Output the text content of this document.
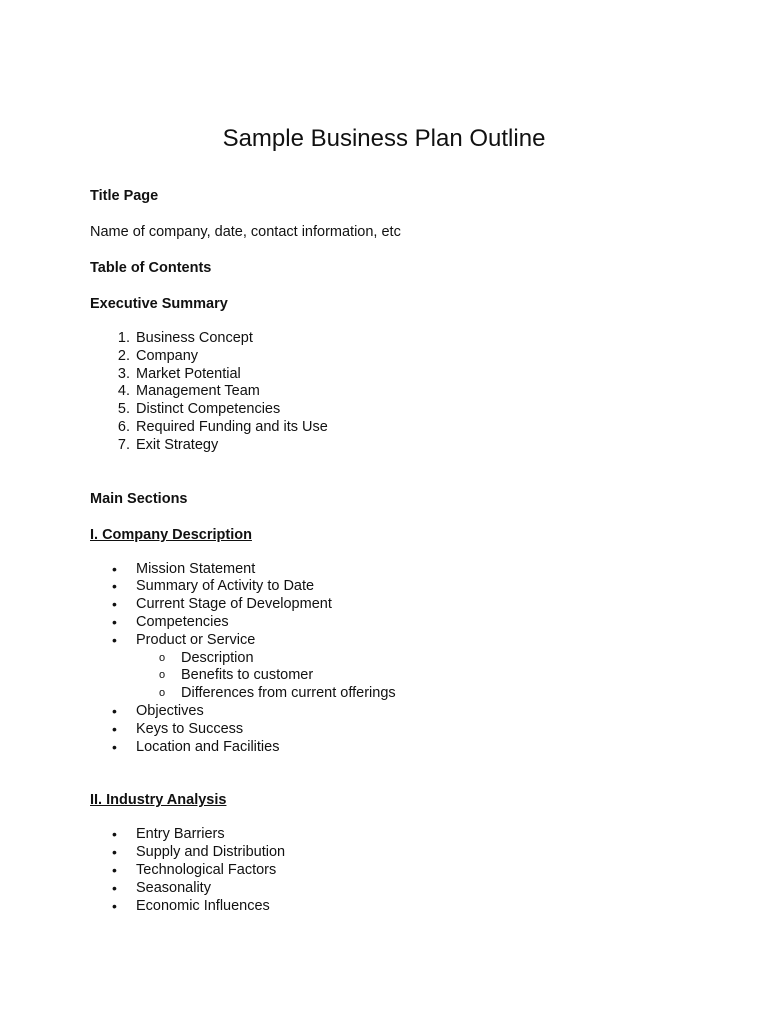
Sample Business Plan Outline

Title Page

Name of company, date, contact information, etc

Table of Contents

Executive Summary

1. Business Concept
2. Company
3. Market Potential
4. Management Team
5. Distinct Competencies
6. Required Funding and its Use
7. Exit Strategy

Main Sections

I. Company Description

•	Mission Statement
•	Summary of Activity to Date
•	Current Stage of Development
•	Competencies
•	Product or Service
o Description
o Benefits to customer
o Differences from current offerings
•	Objectives
•	Keys to Success
•	Location and Facilities

II. Industry Analysis

•	Entry Barriers
•	Supply and Distribution
•	Technological Factors
•	Seasonality
•	Economic Influences
